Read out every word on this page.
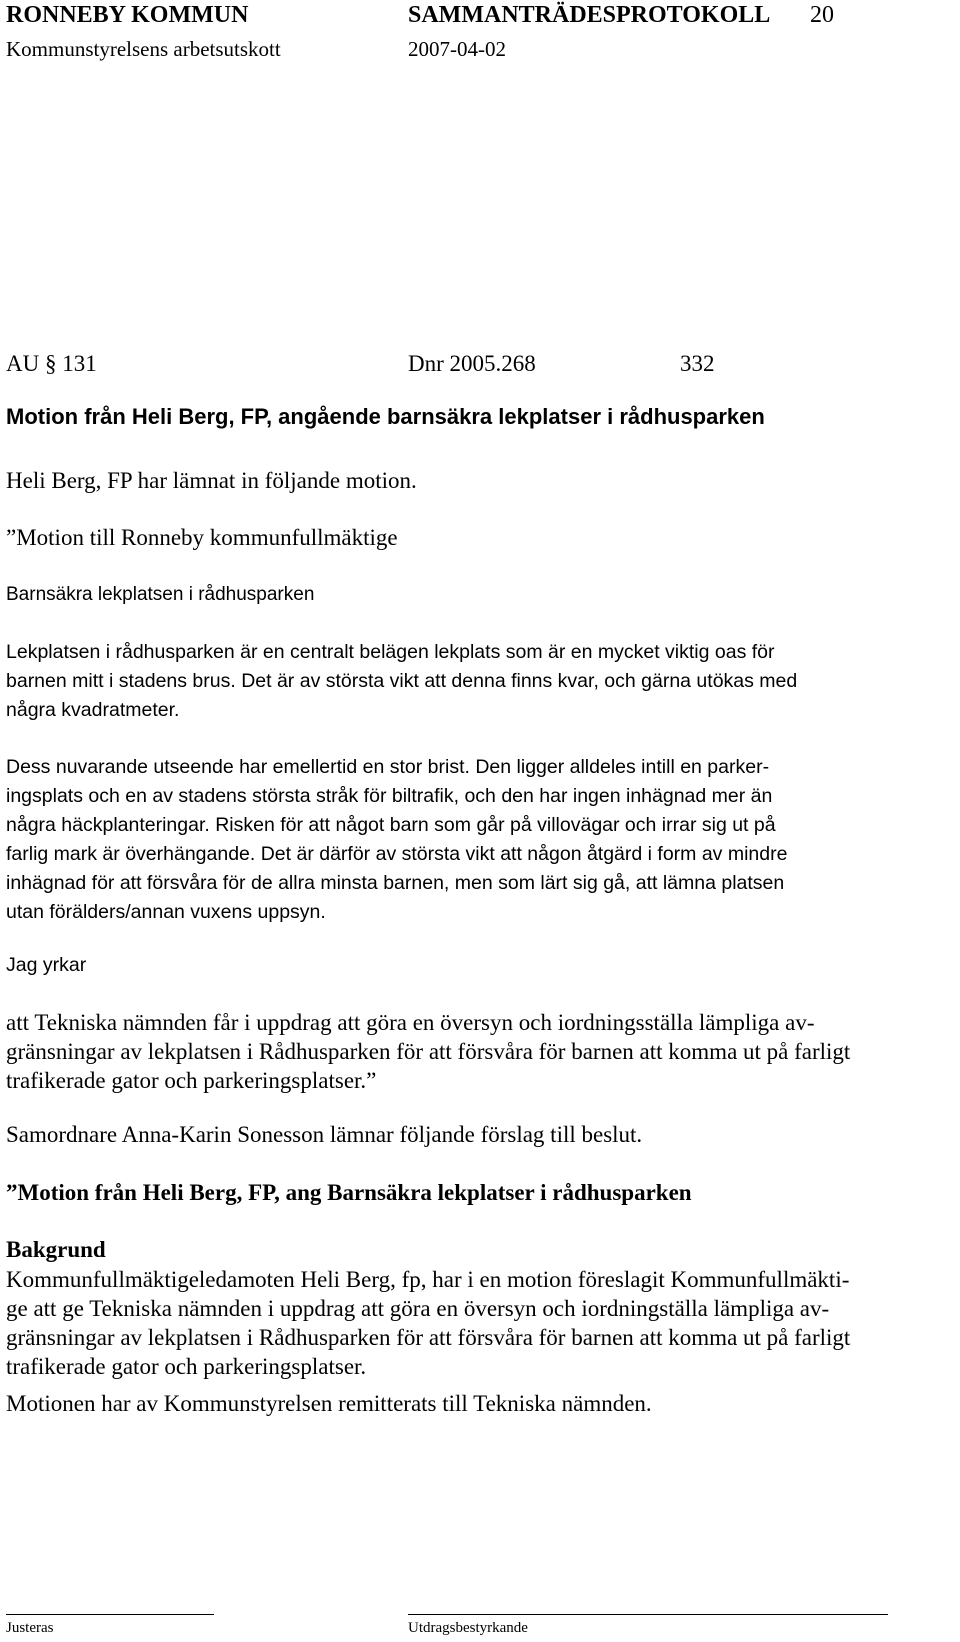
RONNEBY KOMMUN	SAMMANTRÄDESPROTOKOLL 20
Kommunstyrelsens arbetsutskott	2007-04-02
AU § 131	Dnr 2005.268	332
Motion från Heli Berg, FP, angående barnsäkra lekplatser i rådhusparken
Heli Berg, FP har lämnat in följande motion.
”Motion till Ronneby kommunfullmäktige
Barnsäkra lekplatsen i rådhusparken
Lekplatsen i rådhusparken är en centralt belägen lekplats som är en mycket viktig oas för
barnen mitt i stadens brus. Det är av största vikt att denna finns kvar, och gärna utökas med
några kvadratmeter.
Dess nuvarande utseende har emellertid en stor brist. Den ligger alldeles intill en parker-
ingsplats och en av stadens största stråk för biltrafik, och den har ingen inhägnad mer än
några häckplanteringar. Risken för att något barn som går på villovägar och irrar sig ut på
farlig mark är överhängande. Det är därför av största vikt att någon åtgärd i form av mindre
inhägnad för att försvåra för de allra minsta barnen, men som lärt sig gå, att lämna platsen
utan förälders/annan vuxens uppsyn.
Jag yrkar
att Tekniska nämnden får i uppdrag att göra en översyn och iordningsställa lämpliga av-
gränsningar av lekplatsen i Rådhusparken för att försvåra för barnen att komma ut på farligt
trafikerade gator och parkeringsplatser.”
Samordnare Anna-Karin Sonesson lämnar följande förslag till beslut.
”Motion från Heli Berg, FP, ang Barnsäkra lekplatser i rådhusparken
Bakgrund
Kommunfullmäktigeledamoten Heli Berg, fp, har i en motion föreslagit Kommunfullmäkti-
ge att ge Tekniska nämnden i uppdrag att göra en översyn och iordningställa lämpliga av-
gränsningar av lekplatsen i Rådhusparken för att försvåra för barnen att komma ut på farligt
trafikerade gator och parkeringsplatser.
Motionen har av Kommunstyrelsen remitterats till Tekniska nämnden.
Justeras	Utdragsbestyrkande
